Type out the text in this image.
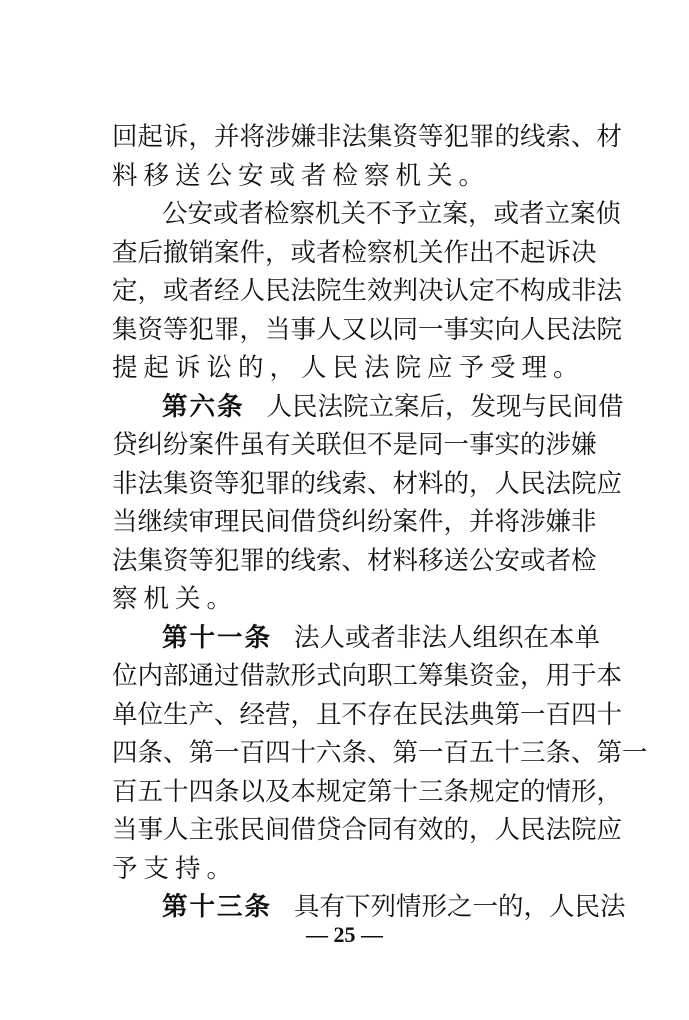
回起诉，并将涉嫌非法集资等犯罪的线索、材
料移送公安或者检察机关。
公安或者检察机关不予立案，或者立案侦
查后撤销案件，或者检察机关作出不起诉决
定，或者经人民法院生效判决认定不构成非法
集资等犯罪，当事人又以同一事实向人民法院
提起诉讼的，人民法院应予受理。
第六条 人民法院立案后，发现与民间借
贷纠纷案件虽有关联但不是同一事实的涉嫌
非法集资等犯罪的线索、材料的，人民法院应
当继续审理民间借贷纠纷案件，并将涉嫌非
法集资等犯罪的线索、材料移送公安或者检
察机关。
第十一条 法人或者非法人组织在本单
位内部通过借款形式向职工筹集资金，用于本
单位生产、经营，且不存在民法典第一百四十
四条、第一百四十六条、第一百五十三条、第一
百五十四条以及本规定第十三条规定的情形，
当事人主张民间借贷合同有效的，人民法院应
予支持。
— 25 —
第十三条 具有下列情形之一的，人民法
